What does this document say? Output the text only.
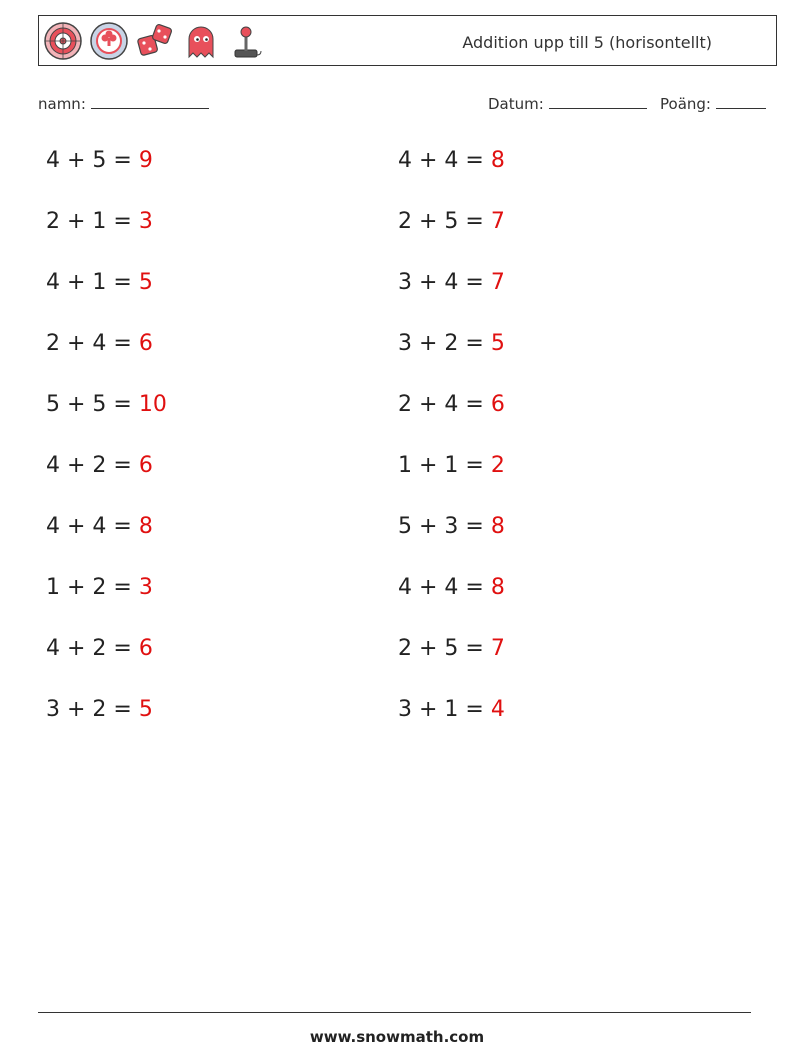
Addition upp till 5 (horisontellt)
namn:	Datum:	Poäng:
4 + 5 = 9
2 + 1 = 3
4 + 1 = 5
2 + 4 = 6
5 + 5 = 10
4 + 2 = 6
4 + 4 = 8
1 + 2 = 3
4 + 2 = 6
3 + 2 = 5
4 + 4 = 8
2 + 5 = 7
3 + 4 = 7
3 + 2 = 5
2 + 4 = 6
1 + 1 = 2
5 + 3 = 8
4 + 4 = 8
2 + 5 = 7
3 + 1 = 4
www.snowmath.com
